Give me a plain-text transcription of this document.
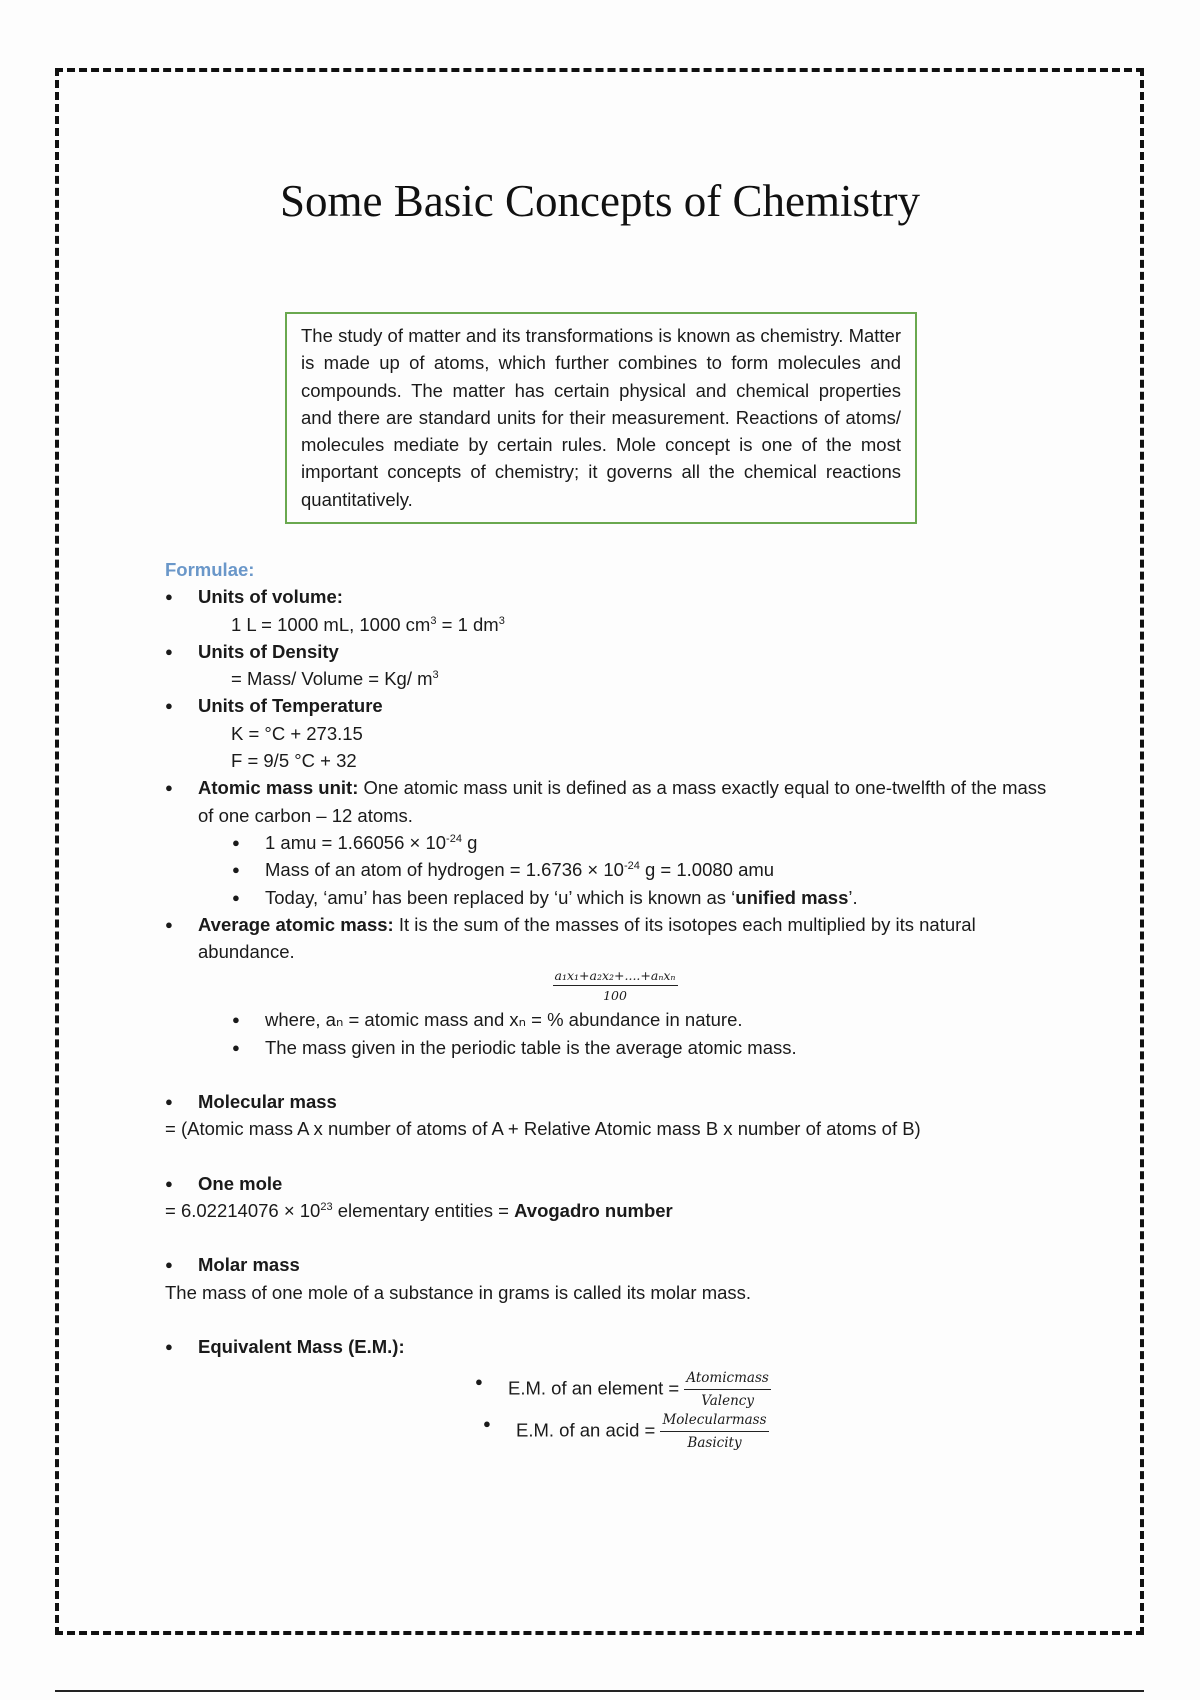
Some Basic Concepts of Chemistry
The study of matter and its transformations is known as chemistry. Matter is made up of atoms, which further combines to form molecules and compounds. The matter has certain physical and chemical properties and there are standard units for their measurement. Reactions of atoms/ molecules mediate by certain rules. Mole concept is one of the most important concepts of chemistry; it governs all the chemical reactions quantitatively.
Formulae:
● Units of volume:
1 L = 1000 mL, 1000 $cm^3 = 1$ $dm^3$
● Units of Density
= Mass/ Volume = Kg/ $m^3$
● Units of Temperature
K = °C + 273.15
F = 9/5 °C + 32
● Atomic mass unit: One atomic mass unit is defined as a mass exactly equal to one-twelfth of the mass of one carbon – 12 atoms.
● 1 amu = $1.66056 \times 10^{-24}$ g
● Mass of an atom of hydrogen = $1.6736 \times 10^{-24}$ g = 1.0080 amu
● Today, ‘amu’ has been replaced by ‘u’ which is known as ‘unified mass’.
● Average atomic mass: It is the sum of the masses of its isotopes each multiplied by its natural abundance.
$\frac{\text{a₁x₁+a₂x₂+....+aₙxₙ}}{100}$
● where, aₙ = atomic mass and xₙ = % abundance in nature.
● The mass given in the periodic table is the average atomic mass.
● Molecular mass
= (Atomic mass A x number of atoms of A + Relative Atomic mass B x number of atoms of B)
● One mole
= $6.02214076 \times 10^{23}$ elementary entities = Avogadro number
● Molar mass
The mass of one mole of a substance in grams is called its molar mass.
● Equivalent Mass (E.M.):
● E.M. of an element = $\frac{\text{Atomicmass}}{\text{Valency}}$
● E.M. of an acid = $\frac{\text{Molecularmass}}{\text{Basicity}}$
